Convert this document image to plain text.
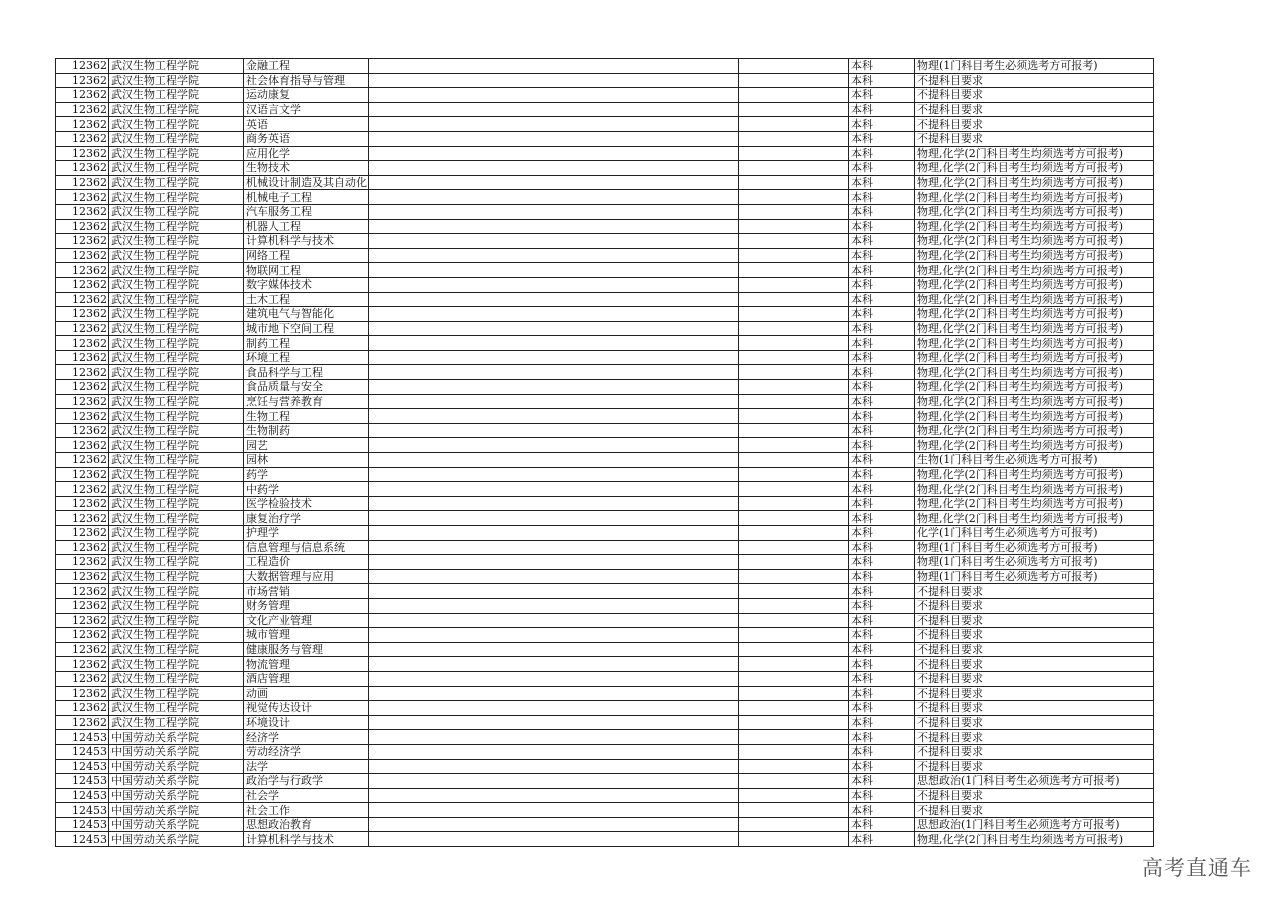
12362	武汉生物工程学院	金融工程			本科	物理(1门科目考生必须选考方可报考)
12362	武汉生物工程学院	社会体育指导与管理			本科	不提科目要求
12362	武汉生物工程学院	运动康复			本科	不提科目要求
12362	武汉生物工程学院	汉语言文学			本科	不提科目要求
12362	武汉生物工程学院	英语			本科	不提科目要求
12362	武汉生物工程学院	商务英语			本科	不提科目要求
12362	武汉生物工程学院	应用化学			本科	物理,化学(2门科目考生均须选考方可报考)
12362	武汉生物工程学院	生物技术			本科	物理,化学(2门科目考生均须选考方可报考)
12362	武汉生物工程学院	机械设计制造及其自动化			本科	物理,化学(2门科目考生均须选考方可报考)
12362	武汉生物工程学院	机械电子工程			本科	物理,化学(2门科目考生均须选考方可报考)
12362	武汉生物工程学院	汽车服务工程			本科	物理,化学(2门科目考生均须选考方可报考)
12362	武汉生物工程学院	机器人工程			本科	物理,化学(2门科目考生均须选考方可报考)
12362	武汉生物工程学院	计算机科学与技术			本科	物理,化学(2门科目考生均须选考方可报考)
12362	武汉生物工程学院	网络工程			本科	物理,化学(2门科目考生均须选考方可报考)
12362	武汉生物工程学院	物联网工程			本科	物理,化学(2门科目考生均须选考方可报考)
12362	武汉生物工程学院	数字媒体技术			本科	物理,化学(2门科目考生均须选考方可报考)
12362	武汉生物工程学院	土木工程			本科	物理,化学(2门科目考生均须选考方可报考)
12362	武汉生物工程学院	建筑电气与智能化			本科	物理,化学(2门科目考生均须选考方可报考)
12362	武汉生物工程学院	城市地下空间工程			本科	物理,化学(2门科目考生均须选考方可报考)
12362	武汉生物工程学院	制药工程			本科	物理,化学(2门科目考生均须选考方可报考)
12362	武汉生物工程学院	环境工程			本科	物理,化学(2门科目考生均须选考方可报考)
12362	武汉生物工程学院	食品科学与工程			本科	物理,化学(2门科目考生均须选考方可报考)
12362	武汉生物工程学院	食品质量与安全			本科	物理,化学(2门科目考生均须选考方可报考)
12362	武汉生物工程学院	烹饪与营养教育			本科	物理,化学(2门科目考生均须选考方可报考)
12362	武汉生物工程学院	生物工程			本科	物理,化学(2门科目考生均须选考方可报考)
12362	武汉生物工程学院	生物制药			本科	物理,化学(2门科目考生均须选考方可报考)
12362	武汉生物工程学院	园艺			本科	物理,化学(2门科目考生均须选考方可报考)
12362	武汉生物工程学院	园林			本科	生物(1门科目考生必须选考方可报考)
12362	武汉生物工程学院	药学			本科	物理,化学(2门科目考生均须选考方可报考)
12362	武汉生物工程学院	中药学			本科	物理,化学(2门科目考生均须选考方可报考)
12362	武汉生物工程学院	医学检验技术			本科	物理,化学(2门科目考生均须选考方可报考)
12362	武汉生物工程学院	康复治疗学			本科	物理,化学(2门科目考生均须选考方可报考)
12362	武汉生物工程学院	护理学			本科	化学(1门科目考生必须选考方可报考)
12362	武汉生物工程学院	信息管理与信息系统			本科	物理(1门科目考生必须选考方可报考)
12362	武汉生物工程学院	工程造价			本科	物理(1门科目考生必须选考方可报考)
12362	武汉生物工程学院	大数据管理与应用			本科	物理(1门科目考生必须选考方可报考)
12362	武汉生物工程学院	市场营销			本科	不提科目要求
12362	武汉生物工程学院	财务管理			本科	不提科目要求
12362	武汉生物工程学院	文化产业管理			本科	不提科目要求
12362	武汉生物工程学院	城市管理			本科	不提科目要求
12362	武汉生物工程学院	健康服务与管理			本科	不提科目要求
12362	武汉生物工程学院	物流管理			本科	不提科目要求
12362	武汉生物工程学院	酒店管理			本科	不提科目要求
12362	武汉生物工程学院	动画			本科	不提科目要求
12362	武汉生物工程学院	视觉传达设计			本科	不提科目要求
12362	武汉生物工程学院	环境设计			本科	不提科目要求
12453	中国劳动关系学院	经济学			本科	不提科目要求
12453	中国劳动关系学院	劳动经济学			本科	不提科目要求
12453	中国劳动关系学院	法学			本科	不提科目要求
12453	中国劳动关系学院	政治学与行政学			本科	思想政治(1门科目考生必须选考方可报考)
12453	中国劳动关系学院	社会学			本科	不提科目要求
12453	中国劳动关系学院	社会工作			本科	不提科目要求
12453	中国劳动关系学院	思想政治教育			本科	思想政治(1门科目考生必须选考方可报考)
12453	中国劳动关系学院	计算机科学与技术			本科	物理,化学(2门科目考生均须选考方可报考)
高考直通车
